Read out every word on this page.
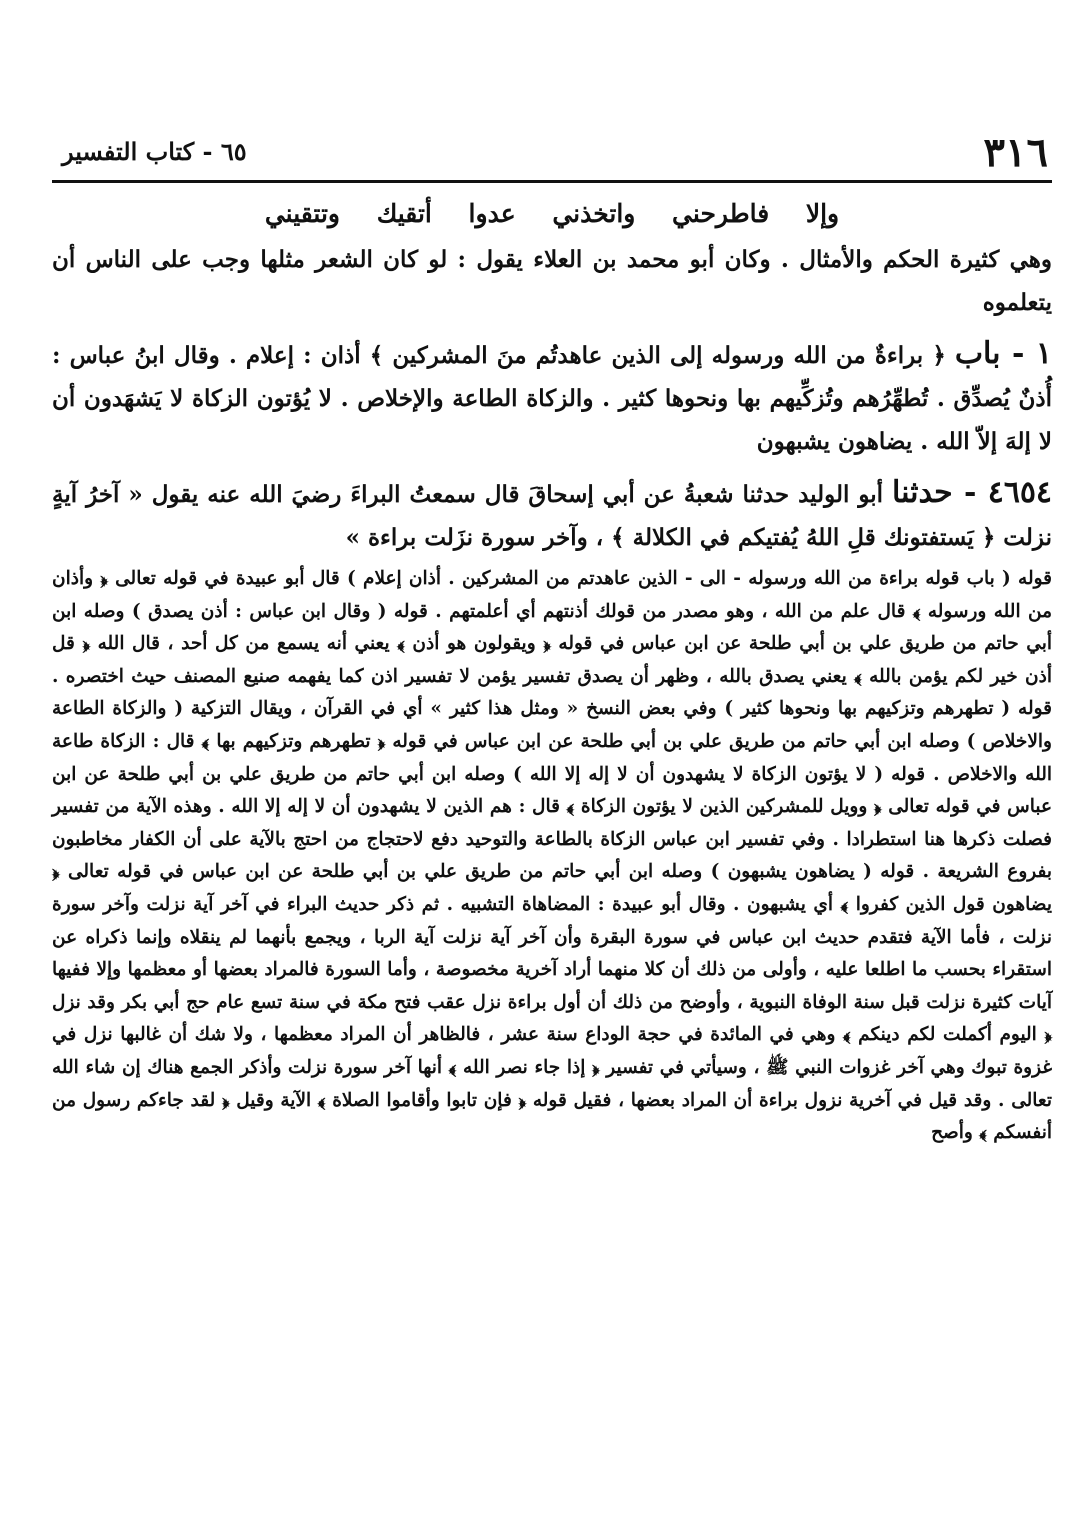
٣١٦
٦٥ - كتاب التفسير
وإلا فاطرحني واتخذني عدوا أتقيك وتتقيني

وهي كثيرة الحكم والأمثال . وكان أبو محمد بن العلاء يقول : لو كان الشعر مثلها وجب على الناس أن يتعلموه

١ - باب ﴿ براءةٌ من الله ورسوله إلى الذين عاهدتُم منَ المشركين ﴾ أذان : إعلام . وقال ابنُ عباس : أُذنٌ يُصدِّق . تُطهِّرُهم وتُزكِّيهم بها ونحوها كثير . والزكاة الطاعة والإخلاص . لا يُؤتون الزكاة لا يَشهَدون أن لا إلهَ إلاّ الله . يضاهون يشبهون

٤٦٥٤ - حدثنا أبو الوليد حدثنا شعبةُ عن أبي إسحاقَ قال سمعتُ البراءَ رضيَ الله عنه يقول « آخرُ آيةٍ نزلت ﴿ يَستفتونك قلِ اللهُ يُفتيكم في الكلالة ﴾ ، وآخر سورة نزَلت براءة »

قوله ( باب قوله براءة من الله ورسوله - الى - الذين عاهدتم من المشركين . أذان إعلام ) قال أبو عبيدة في قوله تعالى ﴿ وأذان من الله ورسوله ﴾ قال علم من الله ، وهو مصدر من قولك أذنتهم أي أعلمتهم . قوله ( وقال ابن عباس : أذن يصدق ) وصله ابن أبي حاتم من طريق علي بن أبي طلحة عن ابن عباس في قوله ﴿ ويقولون هو أذن ﴾ يعني أنه يسمع من كل أحد ، قال الله ﴿ قل أذن خير لكم يؤمن بالله ﴾ يعني يصدق بالله ، وظهر أن يصدق تفسير يؤمن لا تفسير اذن كما يفهمه صنيع المصنف حيث اختصره . قوله ( تطهرهم وتزكيهم بها ونحوها كثير ) وفي بعض النسخ « ومثل هذا كثير » أي في القرآن ، ويقال التزكية ( والزكاة الطاعة والاخلاص ) وصله ابن أبي حاتم من طريق علي بن أبي طلحة عن ابن عباس في قوله ﴿ تطهرهم وتزكيهم بها ﴾ قال : الزكاة طاعة الله والاخلاص . قوله ( لا يؤتون الزكاة لا يشهدون أن لا إله إلا الله ) وصله ابن أبي حاتم من طريق علي بن أبي طلحة عن ابن عباس في قوله تعالى ﴿ وويل للمشركين الذين لا يؤتون الزكاة ﴾ قال : هم الذين لا يشهدون أن لا إله إلا الله . وهذه الآية من تفسير فصلت ذكرها هنا استطرادا . وفي تفسير ابن عباس الزكاة بالطاعة والتوحيد دفع لاحتجاج من احتج بالآية على أن الكفار مخاطبون بفروع الشريعة . قوله ( يضاهون يشبهون ) وصله ابن أبي حاتم من طريق علي بن أبي طلحة عن ابن عباس في قوله تعالى ﴿ يضاهون قول الذين كفروا ﴾ أي يشبهون . وقال أبو عبيدة : المضاهاة التشبيه . ثم ذكر حديث البراء في آخر آية نزلت وآخر سورة نزلت ، فأما الآية فتقدم حديث ابن عباس في سورة البقرة وأن آخر آية نزلت آية الربا ، ويجمع بأنهما لم ينقلاه وإنما ذكراه عن استقراء بحسب ما اطلعا عليه ، وأولى من ذلك أن كلا منهما أراد آخرية مخصوصة ، وأما السورة فالمراد بعضها أو معظمها وإلا ففيها آيات كثيرة نزلت قبل سنة الوفاة النبوية ، وأوضح من ذلك أن أول براءة نزل عقب فتح مكة في سنة تسع عام حج أبي بكر وقد نزل ﴿ اليوم أكملت لكم دينكم ﴾ وهي في المائدة في حجة الوداع سنة عشر ، فالظاهر أن المراد معظمها ، ولا شك أن غالبها نزل في غزوة تبوك وهي آخر غزوات النبي ﷺ ، وسيأتي في تفسير ﴿ إذا جاء نصر الله ﴾ أنها آخر سورة نزلت وأذكر الجمع هناك إن شاء الله تعالى . وقد قيل في آخرية نزول براءة أن المراد بعضها ، فقيل قوله ﴿ فإن تابوا وأقاموا الصلاة ﴾ الآية وقيل ﴿ لقد جاءكم رسول من أنفسكم ﴾ وأصح
